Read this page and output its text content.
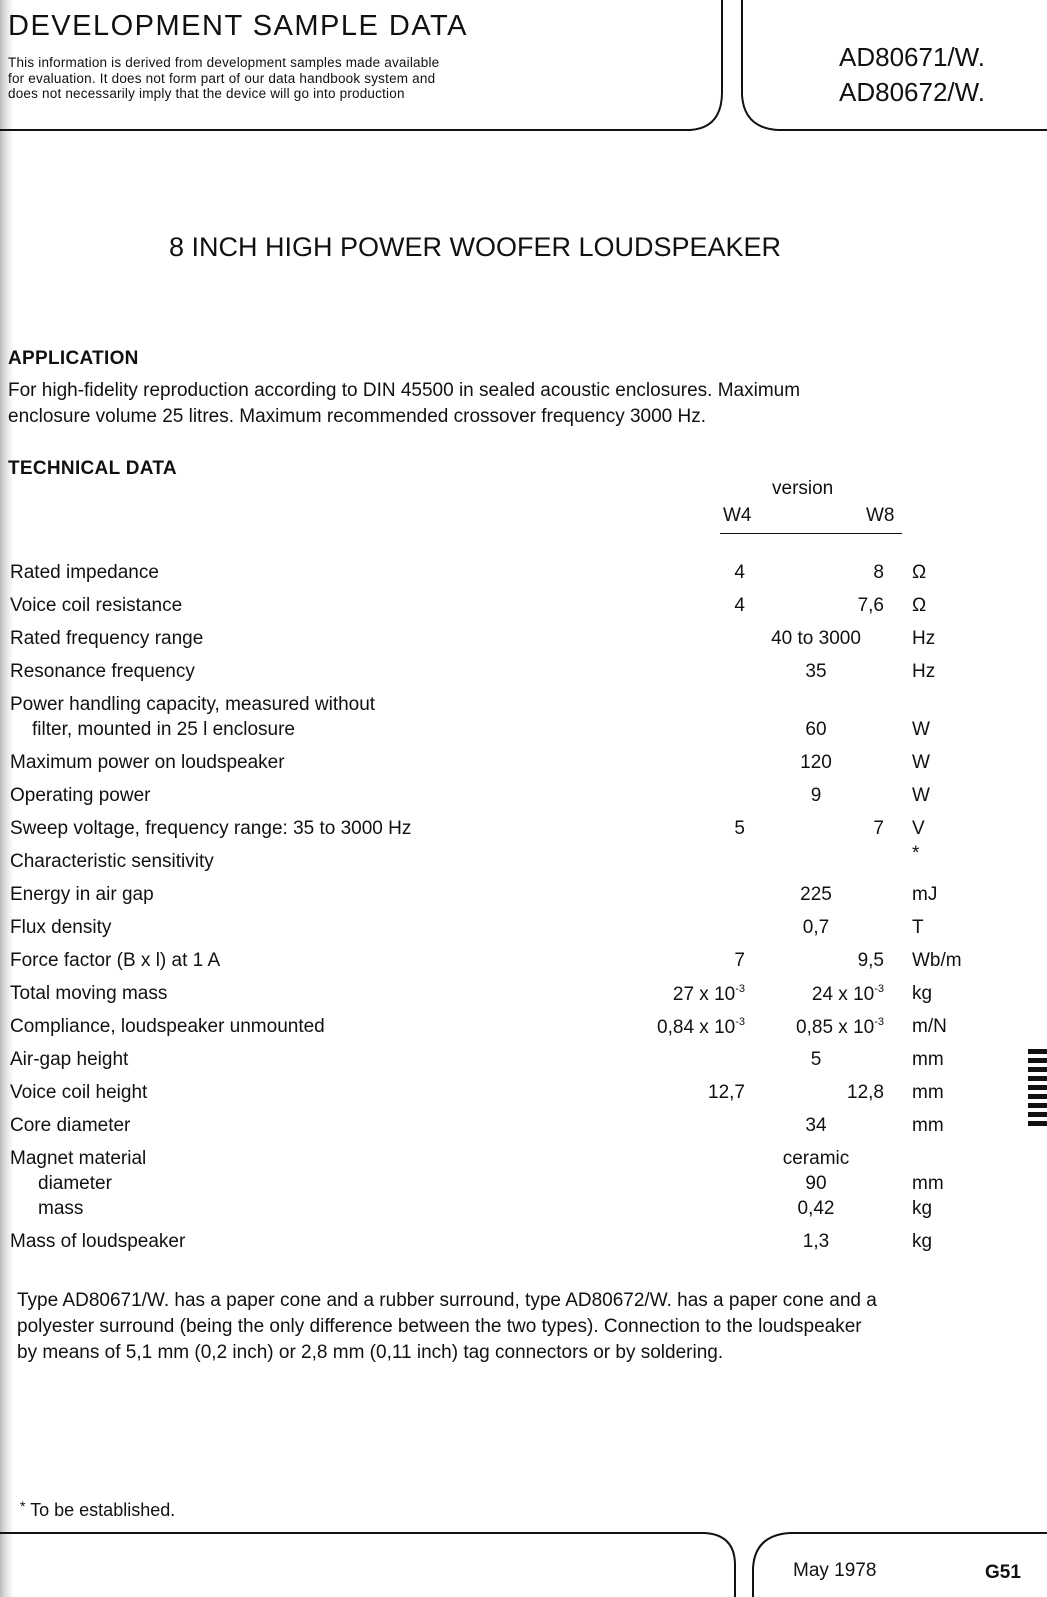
DEVELOPMENT SAMPLE DATA
This information is derived from development samples made available
for evaluation. It does not form part of our data handbook system and
does not necessarily imply that the device will go into production
AD80671/W.
AD80672/W.
8 INCH HIGH POWER WOOFER LOUDSPEAKER
APPLICATION
For high-fidelity reproduction according to DIN 45500 in sealed acoustic enclosures. Maximum
enclosure volume 25 litres. Maximum recommended crossover frequency 3000 Hz.
TECHNICAL DATA
version
W4	W8
Rated impedance	4	8 Ω
Voice coil resistance	4	7,6 Ω
Rated frequency range	40 to 3000	Hz
Resonance frequency	35	Hz
Power handling capacity, measured without
filter, mounted in 25 l enclosure	60	W
Maximum power on loudspeaker	120	W
Operating power	9	W
Sweep voltage, frequency range: 35 to 3000 Hz	5	7 V
Characteristic sensitivity	*
Energy in air gap	225	mJ
Flux density	0,7	T
Force factor (B x l) at 1 A	7	9,5 Wb/m
Total moving mass	27 x $10^{-3}$	24 x $10^{-3}$ kg
Compliance, loudspeaker unmounted	0,84 x $10^{-3}$	0,85 x $10^{-3}$ m/N
Air-gap height	5	mm
Voice coil height	12,7	12,8 mm
Core diameter	34	mm
Magnet material	ceramic
diameter	90	mm
mass	0,42	kg
Mass of loudspeaker	1,3	kg
Type AD80671/W. has a paper cone and a rubber surround, type AD80672/W. has a paper cone and a
polyester surround (being the only difference between the two types). Connection to the loudspeaker
by means of 5,1 mm (0,2 inch) or 2,8 mm (0,11 inch) tag connectors or by soldering.
* To be established.
May 1978	G51
